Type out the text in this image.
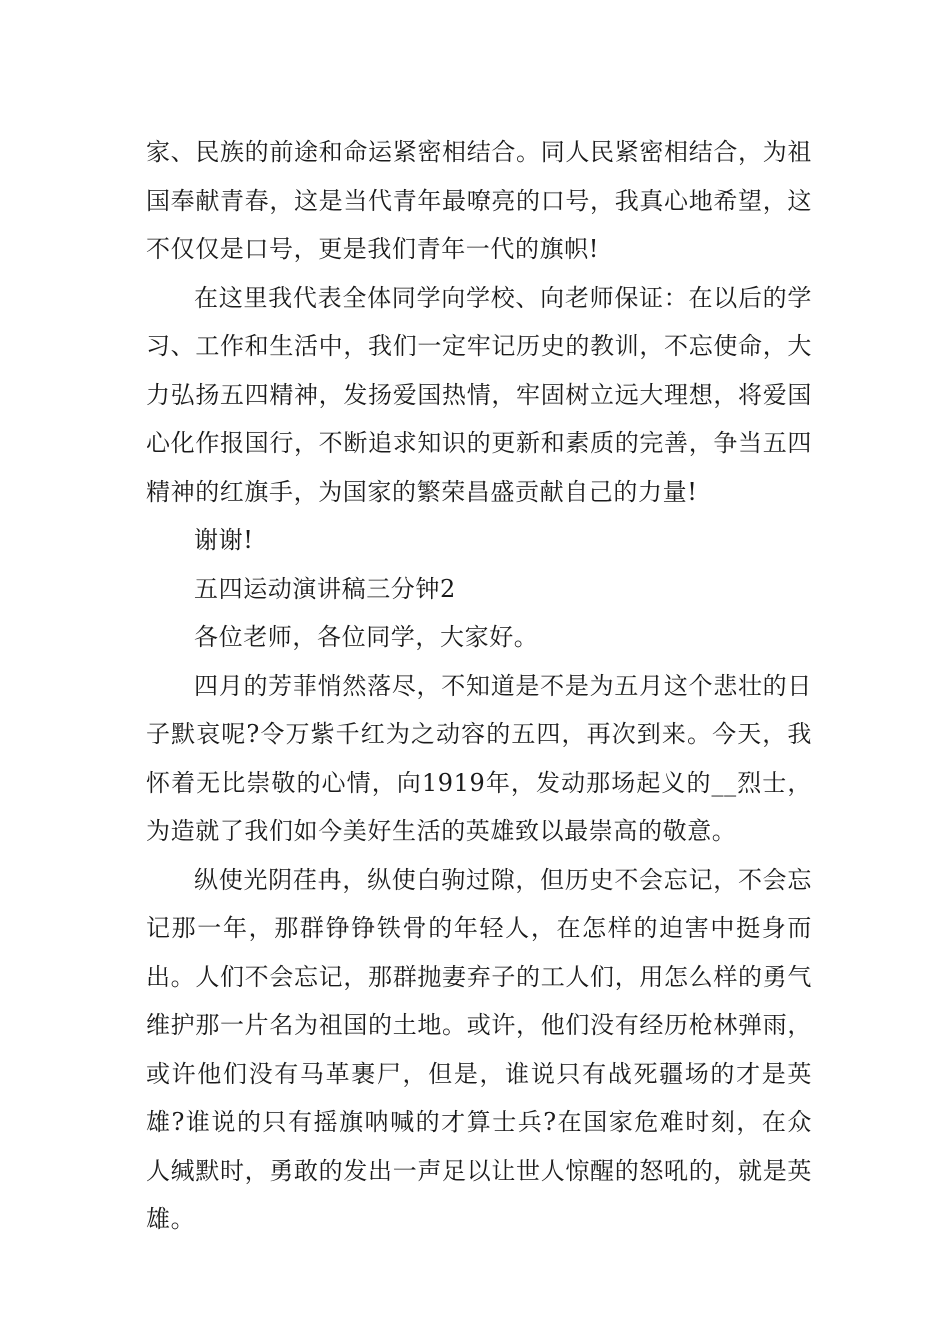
家、民族的前途和命运紧密相结合。同人民紧密相结合，为祖国奉献青春，这是当代青年最嘹亮的口号，我真心地希望，这不仅仅是口号，更是我们青年一代的旗帜!

在这里我代表全体同学向学校、向老师保证：在以后的学习、工作和生活中，我们一定牢记历史的教训，不忘使命，大力弘扬五四精神，发扬爱国热情，牢固树立远大理想，将爱国心化作报国行，不断追求知识的更新和素质的完善，争当五四精神的红旗手，为国家的繁荣昌盛贡献自己的力量!

谢谢!

五四运动演讲稿三分钟2

各位老师，各位同学，大家好。

四月的芳菲悄然落尽，不知道是不是为五月这个悲壮的日子默哀呢?令万紫千红为之动容的五四，再次到来。今天，我怀着无比崇敬的心情，向1919年，发动那场起义的__烈士，为造就了我们如今美好生活的英雄致以最崇高的敬意。

纵使光阴荏冉，纵使白驹过隙，但历史不会忘记，不会忘记那一年，那群铮铮铁骨的年轻人，在怎样的迫害中挺身而出。人们不会忘记，那群抛妻弃子的工人们，用怎么样的勇气维护那一片名为祖国的土地。或许，他们没有经历枪林弹雨，或许他们没有马革裹尸，但是，谁说只有战死疆场的才是英雄?谁说的只有摇旗呐喊的才算士兵?在国家危难时刻，在众人缄默时，勇敢的发出一声足以让世人惊醒的怒吼的，就是英雄。
